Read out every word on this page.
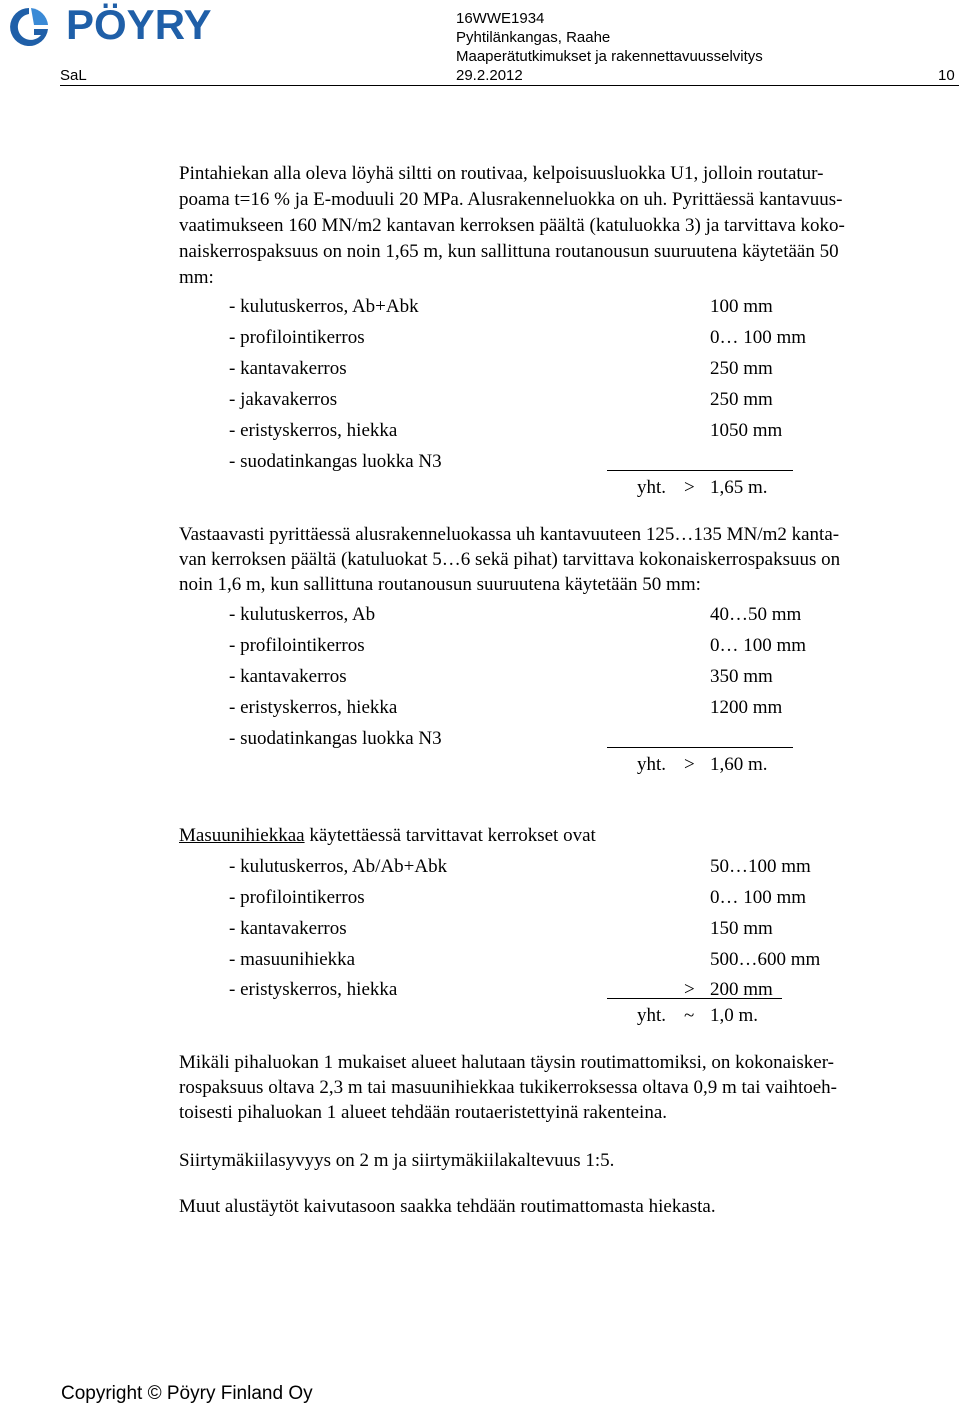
PÖYRY	16WWE1934
Pyhtilänkangas, Raahe
Maaperätutkimukset ja rakennettavuusselvitys
SaL	29.2.2012	10
Pintahiekan alla oleva löyhä siltti on routivaa, kelpoisuusluokka U1, jolloin routatur-
poama t=16 % ja E-moduuli 20 MPa. Alusrakenneluokka on uh. Pyrittäessä kantavuus-
vaatimukseen 160 MN/m2 kantavan kerroksen päältä (katuluokka 3) ja tarvittava koko-
naiskerrospaksuus on noin 1,65 m, kun sallittuna routanousun suuruutena käytetään 50
mm:
- kulutuskerros, Ab+Abk	100 mm
- profilointikerros	0… 100 mm
- kantavakerros	250 mm
- jakavakerros	250 mm
- eristyskerros, hiekka	1050 mm
- suodatinkangas luokka N3
yht. > 1,65 m.
Vastaavasti pyrittäessä alusrakenneluokassa uh kantavuuteen 125…135 MN/m2 kanta-
van kerroksen päältä (katuluokat 5…6 sekä pihat) tarvittava kokonaiskerrospaksuus on
noin 1,6 m, kun sallittuna routanousun suuruutena käytetään 50 mm:
- kulutuskerros, Ab	40…50 mm
- profilointikerros	0… 100 mm
- kantavakerros	350 mm
- eristyskerros, hiekka	1200 mm
- suodatinkangas luokka N3
yht. > 1,60 m.
Masuunihiekkaa käytettäessä tarvittavat kerrokset ovat
- kulutuskerros, Ab/Ab+Abk	50…100 mm
- profilointikerros	0… 100 mm
- kantavakerros	150 mm
- masuunihiekka	500…600 mm
- eristyskerros, hiekka	> 200 mm
yht. ~ 1,0 m.
Mikäli pihaluokan 1 mukaiset alueet halutaan täysin routimattomiksi, on kokonaisker-
rospaksuus oltava 2,3 m tai masuunihiekkaa tukikerroksessa oltava 0,9 m tai vaihtoeh-
toisesti pihaluokan 1 alueet tehdään routaeristettyinä rakenteina.
Siirtymäkiilasyvyys on 2 m ja siirtymäkiilakaltevuus 1:5.
Muut alustäytöt kaivutasoon saakka tehdään routimattomasta hiekasta.
Copyright © Pöyry Finland Oy
